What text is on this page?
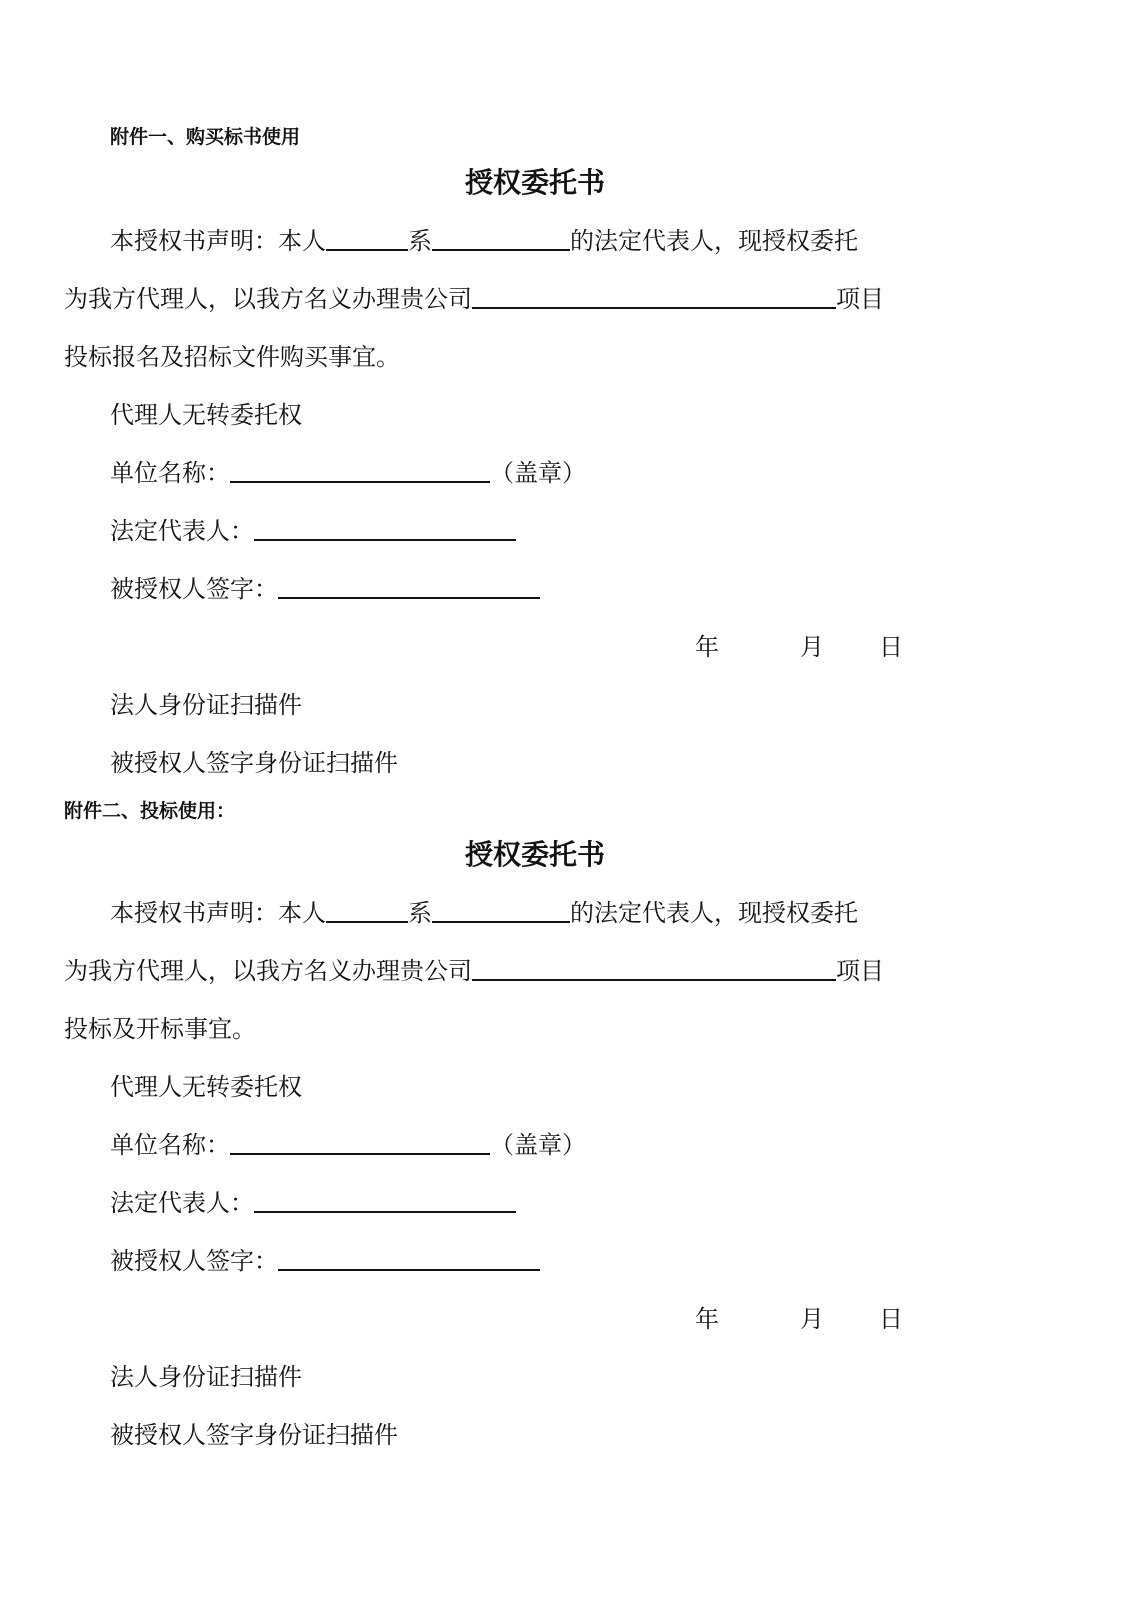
附件一、购买标书使用
授权委托书
本授权书声明：本人	系	的法定代表人，现授权委托
为我方代理人，以我方名义办理贵公司	项目
投标报名及招标文件购买事宜。
代理人无转委托权
单位名称：	（盖章）
法定代表人：
被授权人签字：
年	月 日
法人身份证扫描件
被授权人签字身份证扫描件
附件二、投标使用：
授权委托书
本授权书声明：本人	系	的法定代表人，现授权委托
为我方代理人，以我方名义办理贵公司	项目
投标及开标事宜。
代理人无转委托权
单位名称：	（盖章）
法定代表人：
被授权人签字：
年	月 日
法人身份证扫描件
被授权人签字身份证扫描件
